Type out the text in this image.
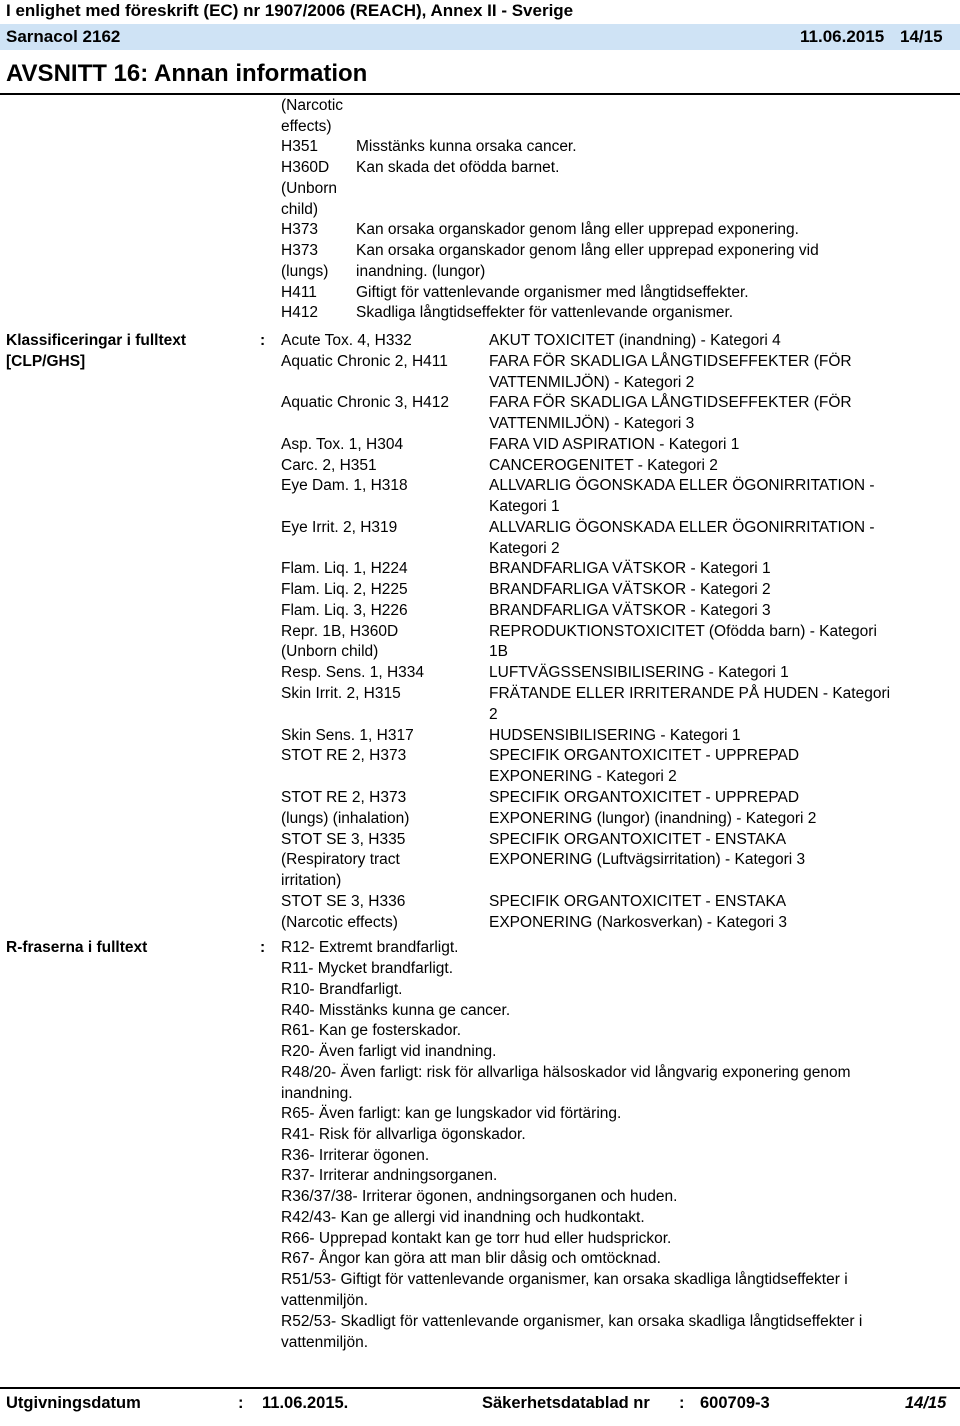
I enlighet med föreskrift (EC) nr 1907/2006 (REACH), Annex II - Sverige
Sarnacol 2162	11.06.2015 14/15
AVSNITT 16: Annan information
(Narcotic
effects)
H351 Misstänks kunna orsaka cancer.
H360D Kan skada det ofödda barnet.
(Unborn
child)
H373 Kan orsaka organskador genom lång eller upprepad exponering.
H373 Kan orsaka organskador genom lång eller upprepad exponering vid
(lungs) inandning. (lungor)
H411	Giftigt för vattenlevande organismer med långtidseffekter.
H412 Skadliga långtidseffekter för vattenlevande organismer.
Klassificeringar i fulltext
[CLP/GHS]
: Acute Tox. 4, H332	AKUT TOXICITET (inandning) - Kategori 4
Aquatic Chronic 2, H411	FARA FÖR SKADLIGA LÅNGTIDSEFFEKTER (FÖR
VATTENMILJÖN) - Kategori 2
Aquatic Chronic 3, H412	FARA FÖR SKADLIGA LÅNGTIDSEFFEKTER (FÖR
VATTENMILJÖN) - Kategori 3
Asp. Tox. 1, H304	FARA VID ASPIRATION - Kategori 1
Carc. 2, H351	CANCEROGENITET - Kategori 2
Eye Dam. 1, H318	ALLVARLIG ÖGONSKADA ELLER ÖGONIRRITATION -
Kategori 1
Eye Irrit. 2, H319	ALLVARLIG ÖGONSKADA ELLER ÖGONIRRITATION -
Kategori 2
Flam. Liq. 1, H224	BRANDFARLIGA VÄTSKOR - Kategori 1
Flam. Liq. 2, H225	BRANDFARLIGA VÄTSKOR - Kategori 2
Flam. Liq. 3, H226	BRANDFARLIGA VÄTSKOR - Kategori 3
Repr. 1B, H360D	REPRODUKTIONSTOXICITET (Ofödda barn) - Kategori
(Unborn child)	1B
Resp. Sens. 1, H334	LUFTVÄGSSENSIBILISERING - Kategori 1
Skin Irrit. 2, H315	FRÄTANDE ELLER IRRITERANDE PÅ HUDEN - Kategori
2
Skin Sens. 1, H317	HUDSENSIBILISERING - Kategori 1
STOT RE 2, H373	SPECIFIK ORGANTOXICITET - UPPREPAD
EXPONERING - Kategori 2
STOT RE 2, H373	SPECIFIK ORGANTOXICITET - UPPREPAD
(lungs) (inhalation)	EXPONERING (lungor) (inandning) - Kategori 2
STOT SE 3, H335	SPECIFIK ORGANTOXICITET - ENSTAKA
(Respiratory tract	EXPONERING (Luftvägsirritation) - Kategori 3
irritation)
STOT SE 3, H336	SPECIFIK ORGANTOXICITET - ENSTAKA
(Narcotic effects)	EXPONERING (Narkosverkan) - Kategori 3
R-fraserna i fulltext	: R12- Extremt brandfarligt.
R11- Mycket brandfarligt.
R10- Brandfarligt.
R40- Misstänks kunna ge cancer.
R61- Kan ge fosterskador.
R20- Även farligt vid inandning.
R48/20- Även farligt: risk för allvarliga hälsoskador vid långvarig exponering genom
inandning.
R65- Även farligt: kan ge lungskador vid förtäring.
R41- Risk för allvarliga ögonskador.
R36- Irriterar ögonen.
R37- Irriterar andningsorganen.
R36/37/38- Irriterar ögonen, andningsorganen och huden.
R42/43- Kan ge allergi vid inandning och hudkontakt.
R66- Upprepad kontakt kan ge torr hud eller hudsprickor.
R67- Ångor kan göra att man blir dåsig och omtöcknad.
R51/53- Giftigt för vattenlevande organismer, kan orsaka skadliga långtidseffekter i
vattenmiljön.
R52/53- Skadligt för vattenlevande organismer, kan orsaka skadliga långtidseffekter i
vattenmiljön.
Utgivningsdatum	: 11.06.2015.	Säkerhetsdatablad nr : 600709-3	14/15
